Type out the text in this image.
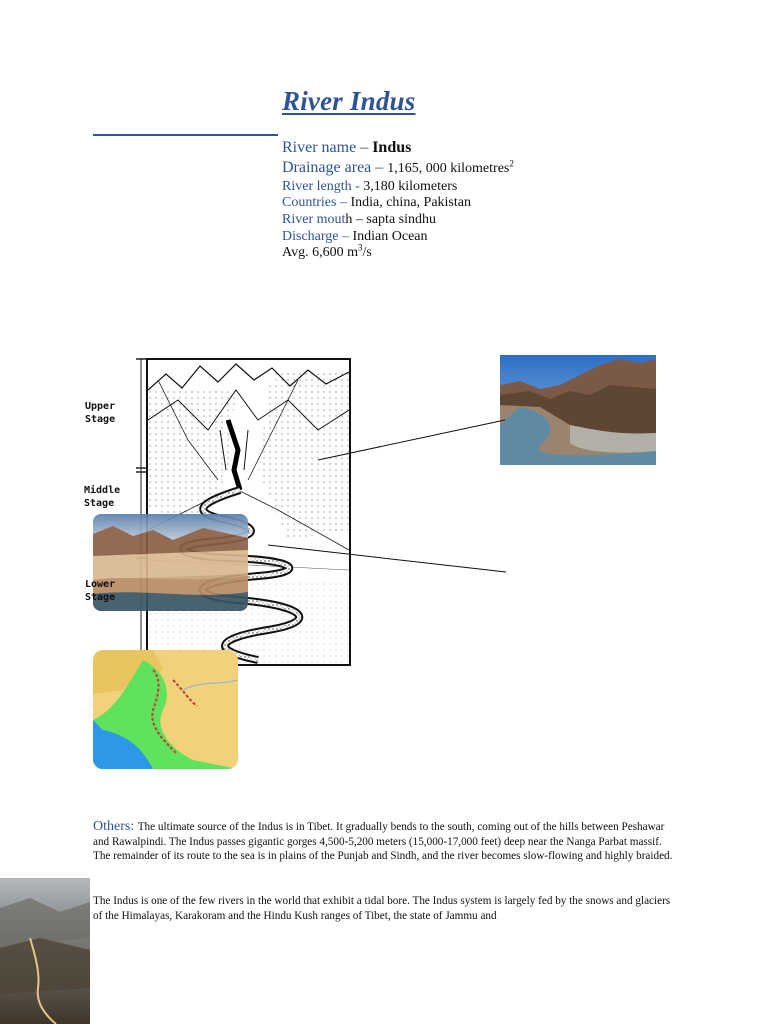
River Indus
River name – Indus
Drainage area – 1,165, 000 kilometres$^2$
River length - 3,180 kilometers
Countries – India, china, Pakistan
River mouth – sapta sindhu
Discharge – Indian Ocean
Avg. 6,600 $m^3/s$
Upper
Stage
Middle
Stage
Lower
Stage
Others: The ultimate source of the Indus is in Tibet. It gradually bends to the south, coming out of the hills between Peshawar and Rawalpindi. The Indus passes gigantic gorges 4,500-5,200 meters (15,000-17,000 feet) deep near the Nanga Parbat massif. The remainder of its route to the sea is in plains of the Punjab and Sindh, and the river becomes slow-flowing and highly braided.
The Indus is one of the few rivers in the world that exhibit a tidal bore. The Indus system is largely fed by the snows and glaciers of the Himalayas, Karakoram and the Hindu Kush ranges of Tibet, the state of Jammu and
